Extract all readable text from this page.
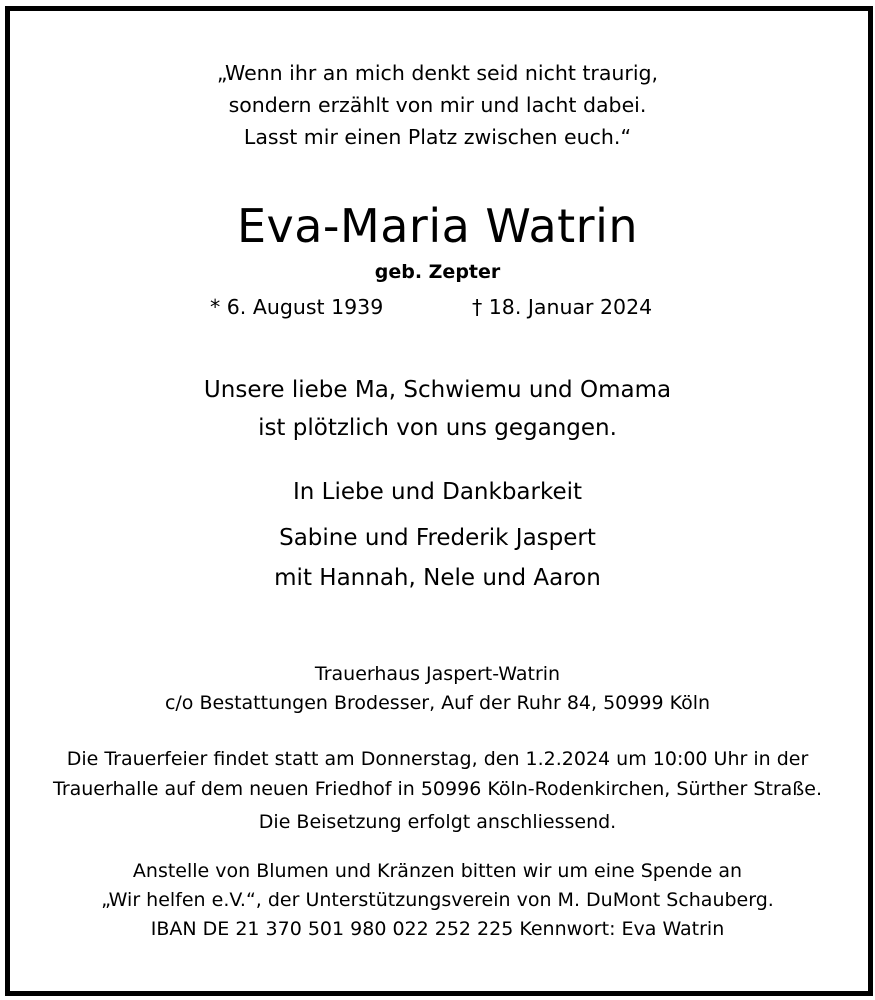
„Wenn ihr an mich denkt seid nicht traurig,
sondern erzählt von mir und lacht dabei.
Lasst mir einen Platz zwischen euch.“
Eva-Maria Watrin
geb. Zepter
* 6. August 1939	† 18. Januar 2024
Unsere liebe Ma, Schwiemu und Omama
ist plötzlich von uns gegangen.
In Liebe und Dankbarkeit
Sabine und Frederik Jaspert
mit Hannah, Nele und Aaron
Trauerhaus Jaspert-Watrin
c/o Bestattungen Brodesser, Auf der Ruhr 84, 50999 Köln
Die Trauerfeier findet statt am Donnerstag, den 1.2.2024 um 10:00 Uhr in der
Trauerhalle auf dem neuen Friedhof in 50996 Köln-Rodenkirchen, Sürther Straße.
Die Beisetzung erfolgt anschliessend.
Anstelle von Blumen und Kränzen bitten wir um eine Spende an
„Wir helfen e.V.“, der Unterstützungsverein von M. DuMont Schauberg.
IBAN DE 21 370 501 980 022 252 225 Kennwort: Eva Watrin
